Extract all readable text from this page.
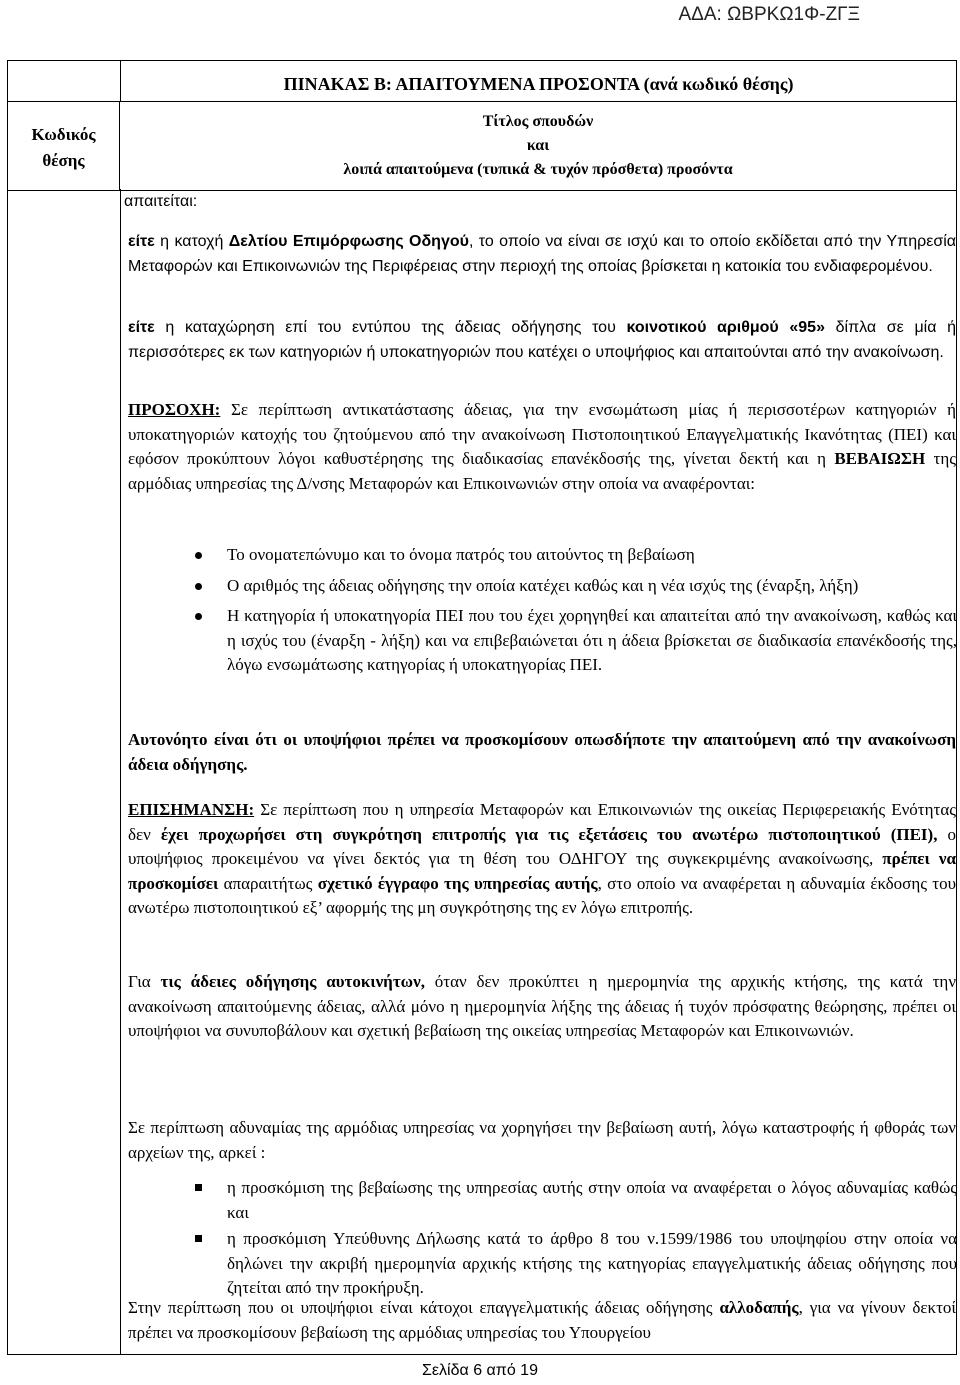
ΑΔΑ: ΩΒΡΚΩ1Φ-ΖΓΞ
ΠΙΝΑΚΑΣ Β: ΑΠΑΙΤΟΥΜΕΝΑ ΠΡΟΣΟΝΤΑ (ανά κωδικό θέσης)
Κωδικός
θέσης
Τίτλος σπουδών
και
λοιπά απαιτούμενα (τυπικά & τυχόν πρόσθετα) προσόντα
απαιτείται:
είτε η κατοχή Δελτίου Επιμόρφωσης Οδηγού, το οποίο να είναι σε ισχύ και το οποίο εκδίδεται από την Υπηρεσία Μεταφορών και Επικοινωνιών της Περιφέρειας στην περιοχή της οποίας βρίσκεται η κατοικία του ενδιαφερομένου.
είτε η καταχώρηση επί του εντύπου της άδειας οδήγησης του κοινοτικού αριθμού «95» δίπλα σε μία ή περισσότερες εκ των κατηγοριών ή υποκατηγοριών που κατέχει ο υποψήφιος και απαιτούνται από την ανακοίνωση.
ΠΡΟΣΟΧΗ: Σε περίπτωση αντικατάστασης άδειας, για την ενσωμάτωση μίας ή περισσοτέρων κατηγοριών ή υποκατηγοριών κατοχής του ζητούμενου από την ανακοίνωση Πιστοποιητικού Επαγγελματικής Ικανότητας (ΠΕΙ) και εφόσον προκύπτουν λόγοι καθυστέρησης της διαδικασίας επανέκδοσής της, γίνεται δεκτή και η ΒΕΒΑΙΩΣΗ της αρμόδιας υπηρεσίας της Δ/νσης Μεταφορών και Επικοινωνιών στην οποία να αναφέρονται:
Το ονοματεπώνυμο και το όνομα πατρός του αιτούντος τη βεβαίωση
Ο αριθμός της άδειας οδήγησης την οποία κατέχει καθώς και η νέα ισχύς της (έναρξη, λήξη)
Η κατηγορία ή υποκατηγορία ΠΕΙ που του έχει χορηγηθεί και απαιτείται από την ανακοίνωση, καθώς και η ισχύς του (έναρξη - λήξη) και να επιβεβαιώνεται ότι η άδεια βρίσκεται σε διαδικασία επανέκδοσής της, λόγω ενσωμάτωσης κατηγορίας ή υποκατηγορίας ΠΕΙ.
Αυτονόητο είναι ότι οι υποψήφιοι πρέπει να προσκομίσουν οπωσδήποτε την απαιτούμενη από την ανακοίνωση άδεια οδήγησης.
ΕΠΙΣΗΜΑΝΣΗ: Σε περίπτωση που η υπηρεσία Μεταφορών και Επικοινωνιών της οικείας Περιφερειακής Ενότητας δεν έχει προχωρήσει στη συγκρότηση επιτροπής για τις εξετάσεις του ανωτέρω πιστοποιητικού (ΠΕΙ), ο υποψήφιος προκειμένου να γίνει δεκτός για τη θέση του ΟΔΗΓΟΥ της συγκεκριμένης ανακοίνωσης, πρέπει να προσκομίσει απαραιτήτως σχετικό έγγραφο της υπηρεσίας αυτής, στο οποίο να αναφέρεται η αδυναμία έκδοσης του ανωτέρω πιστοποιητικού εξ’ αφορμής της μη συγκρότησης της εν λόγω επιτροπής.
Για τις άδειες οδήγησης αυτοκινήτων, όταν δεν προκύπτει η ημερομηνία της αρχικής κτήσης, της κατά την ανακοίνωση απαιτούμενης άδειας, αλλά μόνο η ημερομηνία λήξης της άδειας ή τυχόν πρόσφατης θεώρησης, πρέπει οι υποψήφιοι να συνυποβάλουν και σχετική βεβαίωση της οικείας υπηρεσίας Μεταφορών και Επικοινωνιών.
Σε περίπτωση αδυναμίας της αρμόδιας υπηρεσίας να χορηγήσει την βεβαίωση αυτή, λόγω καταστροφής ή φθοράς των αρχείων της, αρκεί :
η προσκόμιση της βεβαίωσης της υπηρεσίας αυτής στην οποία να αναφέρεται ο λόγος αδυναμίας καθώς και
η προσκόμιση Υπεύθυνης Δήλωσης κατά το άρθρο 8 του ν.1599/1986 του υποψηφίου στην οποία να δηλώνει την ακριβή ημερομηνία αρχικής κτήσης της κατηγορίας επαγγελματικής άδειας οδήγησης που ζητείται από την προκήρυξη.
Στην περίπτωση που οι υποψήφιοι είναι κάτοχοι επαγγελματικής άδειας οδήγησης αλλοδαπής, για να γίνουν δεκτοί πρέπει να προσκομίσουν βεβαίωση της αρμόδιας υπηρεσίας του Υπουργείου
Σελίδα 6 από 19
